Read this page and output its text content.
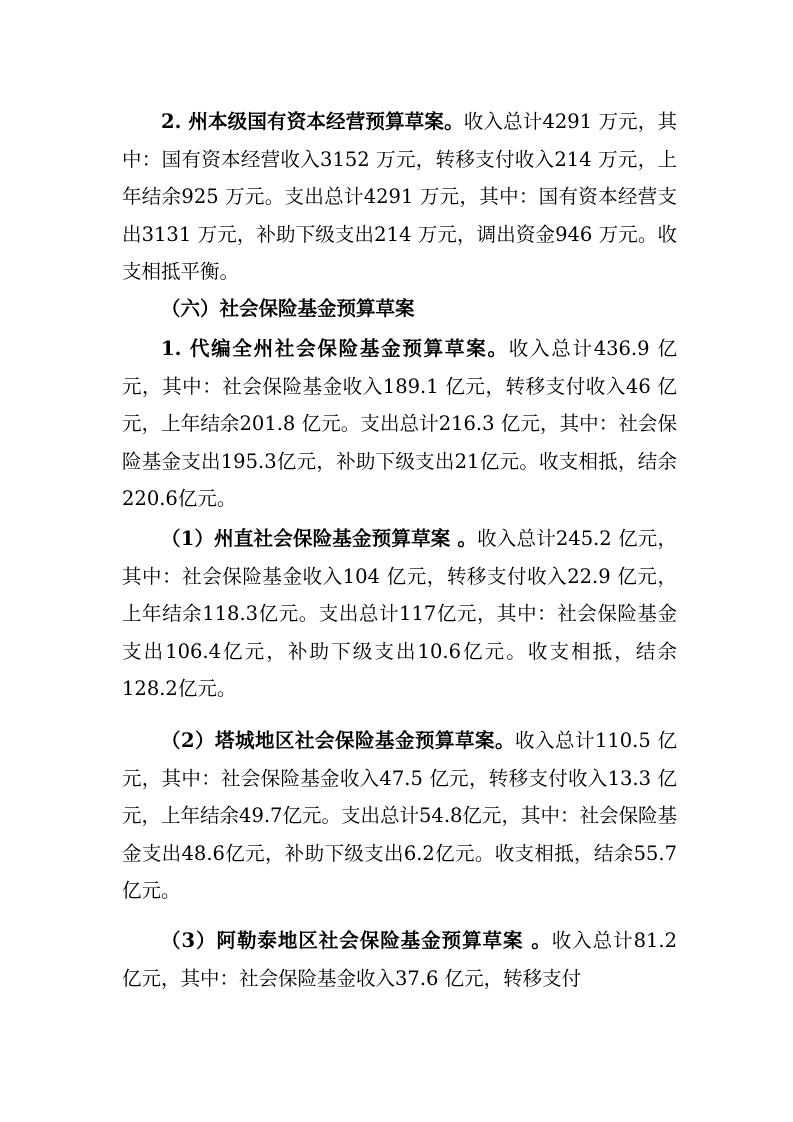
2. 州本级国有资本经营预算草案。收入总计4291 万元，其中：国有资本经营收入3152 万元，转移支付收入214 万元，上年结余925 万元。支出总计4291 万元，其中：国有资本经营支出3131 万元，补助下级支出214 万元，调出资金946 万元。收支相抵平衡。

（六）社会保险基金预算草案

1. 代编全州社会保险基金预算草案。收入总计436.9 亿元，其中：社会保险基金收入189.1 亿元，转移支付收入46 亿元，上年结余201.8 亿元。支出总计216.3 亿元，其中：社会保险基金支出195.3亿元，补助下级支出21亿元。收支相抵，结余220.6亿元。

（1）州直社会保险基金预算草案 。收入总计245.2 亿元，其中：社会保险基金收入104 亿元，转移支付收入22.9 亿元，上年结余118.3亿元。支出总计117亿元，其中：社会保险基金支出106.4亿元，补助下级支出10.6亿元。收支相抵，结余128.2亿元。

（2）塔城地区社会保险基金预算草案。收入总计110.5 亿元，其中：社会保险基金收入47.5 亿元，转移支付收入13.3 亿元，上年结余49.7亿元。支出总计54.8亿元，其中：社会保险基金支出48.6亿元，补助下级支出6.2亿元。收支相抵，结余55.7亿元。

（3）阿勒泰地区社会保险基金预算草案 。收入总计81.2 亿元，其中：社会保险基金收入37.6 亿元，转移支付
